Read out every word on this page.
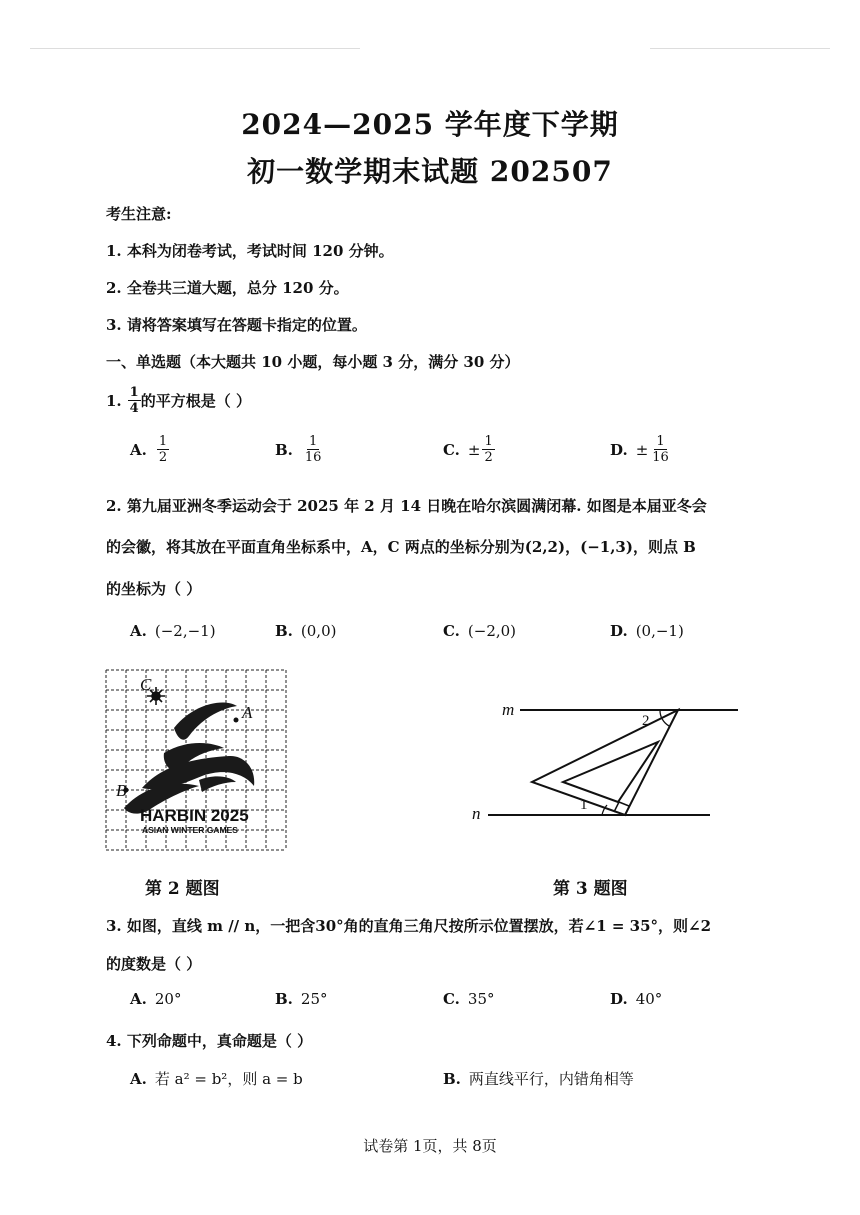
2024—2025 学年度下学期
初一数学期末试题 202507
考生注意:
1. 本科为闭卷考试，考试时间 120 分钟。
2. 全卷共三道大题，总分 120 分。
3. 请将答案填写在答题卡指定的位置。
一、单选题（本大题共 10 小题，每小题 3 分，满分 30 分）
1. $\frac{1}{4}$ 的平方根是（ ）
A. $\frac{1}{2}$	B. $\frac{1}{16}$	C. ± $\frac{1}{2}$	D. ± $\frac{1}{16}$
2. 第九届亚洲冬季运动会于 2025 年 2 月 14 日晚在哈尔滨圆满闭幕. 如图是本届亚冬会
的会徽，将其放在平面直角坐标系中，A，C 两点的坐标分别为(2,2)，(−1,3)，则点 B
的坐标为（ ）
A. (−2,−1)	B. (0,0)	C. (−2,0)	D. (0,−1)
A
C
B
HARBIN 2025
ASIAN WINTER GAMES
m
n	1
2
第 2 题图	第 3 题图
3. 如图，直线 m // n，一把含30°角的直角三角尺按所示位置摆放，若∠1 = 35°，则∠2
的度数是（ ）
A. 20°	B. 25°	C. 35°	D. 40°
4. 下列命题中，真命题是（ ）
A. 若 a² = b²，则 a = b	B. 两直线平行，内错角相等
试卷第 1页，共 8页
